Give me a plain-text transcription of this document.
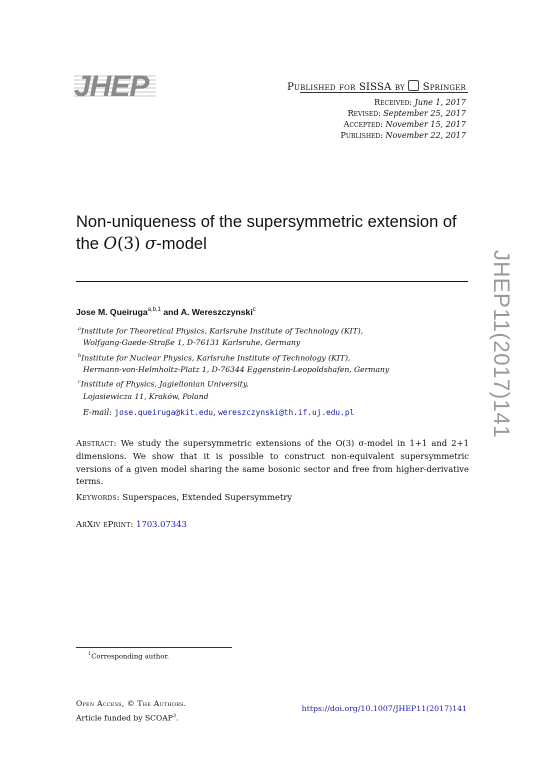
JHEP	Published for SISSA by Springer
Received: June 1, 2017
Revised: September 25, 2017
Accepted: November 15, 2017
Published: November 22, 2017
Non-uniqueness of the supersymmetric extension of
the O(3) σ-model
Jose M. Queiruga$^{a,b,1}$ and A. Wereszczynski$^c$
$^a$Institute for Theoretical Physics, Karlsruhe Institute of Technology (KIT),
Wolfgang-Gaede-Straße 1, D-76131 Karlsruhe, Germany
$^b$Institute for Nuclear Physics, Karlsruhe Institute of Technology (KIT),
Hermann-von-Helmholtz-Platz 1, D-76344 Eggenstein-Leopoldshafen, Germany
$^c$Institute of Physics, Jagiellonian University,
Lojasiewicza 11, Kraków, Poland
E-mail: jose.queiruga@kit.edu, wereszczynski@th.if.uj.edu.pl
Abstract: We study the supersymmetric extensions of the O(3) σ-model in 1+1 and 2+1 dimensions. We show that it is possible to construct non-equivalent supersymmetric versions of a given model sharing the same bosonic sector and free from higher-derivative terms.
Keywords: Superspaces, Extended Supersymmetry
ArXiv ePrint: 1703.07343
JHEP11(2017)141
$^1$Corresponding author.
Open Access, © The Authors.
Article funded by SCOAP$^3$.
https://doi.org/10.1007/JHEP11(2017)141
